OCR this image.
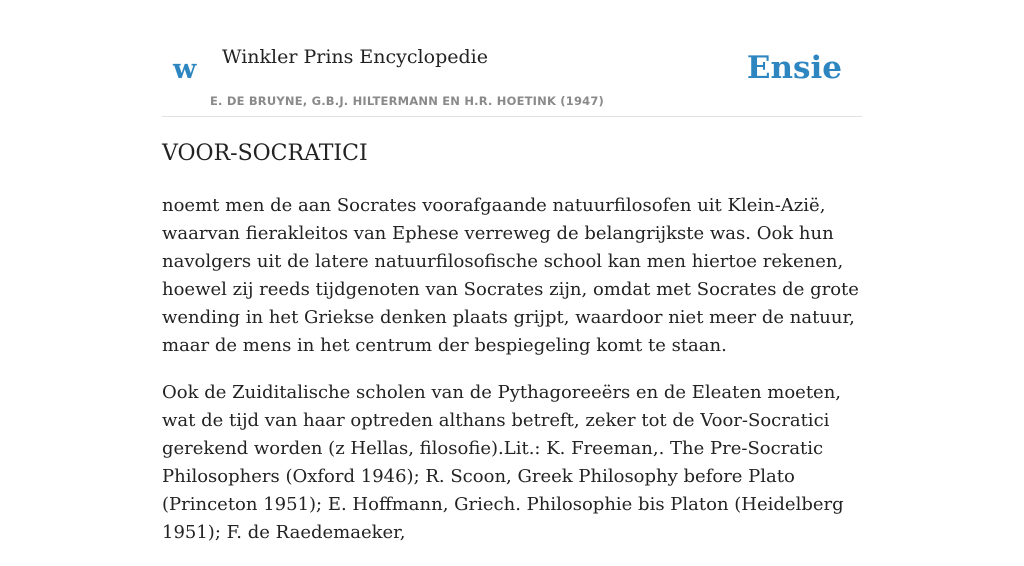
w Winkler Prins Encyclopedie
E. DE BRUYNE, G.B.J. HILTERMANN EN H.R. HOETINK (1947)
Ensie
VOOR-SOCRATICI

noemt men de aan Socrates voorafgaande natuurfilosofen uit Klein-Azië, waarvan fierakleitos van Ephese verreweg de belangrijkste was. Ook hun navolgers uit de latere natuurfilosofische school kan men hiertoe rekenen, hoewel zij reeds tijdgenoten van Socrates zijn, omdat met Socrates de grote wending in het Griekse denken plaats grijpt, waardoor niet meer de natuur, maar de mens in het centrum der bespiegeling komt te staan.

Ook de Zuiditalische scholen van de Pythagoreeërs en de Eleaten moeten, wat de tijd van haar optreden althans betreft, zeker tot de Voor-Socratici gerekend worden (z Hellas, filosofie).Lit.: K. Freeman,. The Pre-Socratic Philosophers (Oxford 1946); R. Scoon, Greek Philosophy before Plato (Princeton 1951); E. Hoffmann, Griech. Philosophie bis Platon (Heidelberg 1951); F. de Raedemaeker,
